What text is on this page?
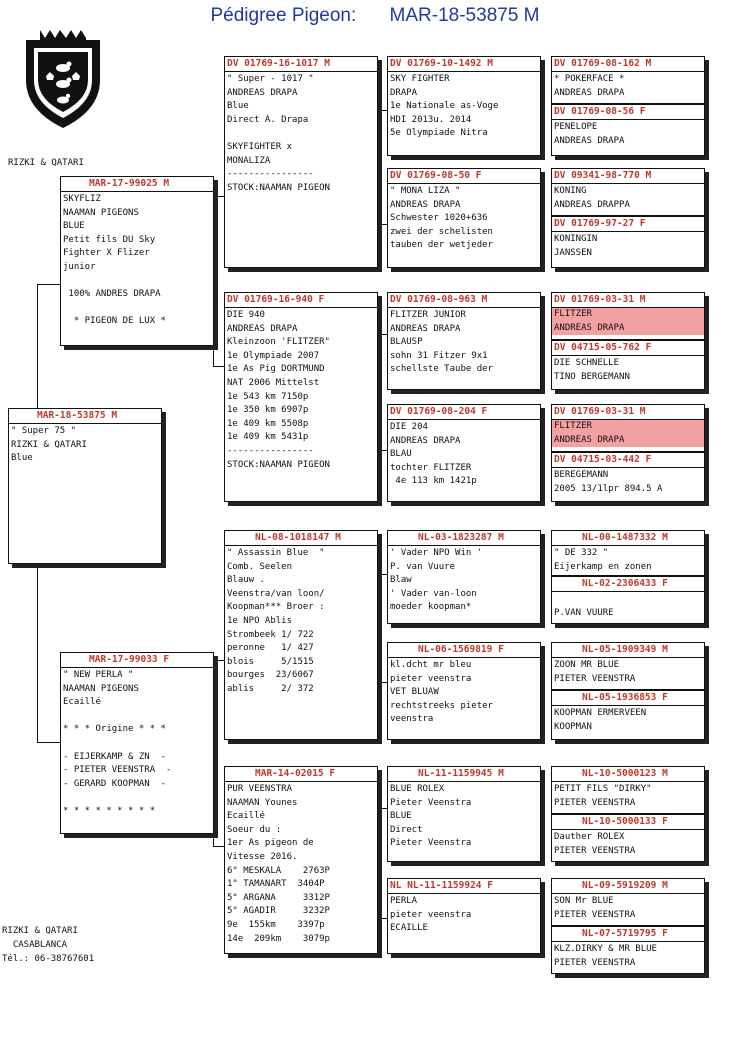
Pédigree Pigeon: MAR-18-53875 M
RIZKI & QATARI
RIZKI & QATARI
CASABLANCA
Tél.: 06-38767601
MAR-18-53875 M
" Super 75 "
RIZKI & QATARI
Blue
MAR-17-99025 M
SKYFLIZ
NAAMAN PIGEONS
BLUE
Petit fils DU Sky
Fighter X Flizer
junior

100% ANDRES DRAPA

* PIGEON DE LUX *
MAR-17-99033 F
" NEW PERLA "
NAAMAN PIGEONS
Ecaillé

* * * Origine * * *

- EIJERKAMP & ZN  -
- PIETER VEENSTRA  -
- GERARD KOOPMAN  -

* * * * * * * * *
DV 01769-16-1017 M
" Super - 1017 "
ANDREAS DRAPA
Blue
Direct A. Drapa

SKYFIGHTER x
MONALIZA
----------------
STOCK:NAAMAN PIGEON
DV 01769-16-940 F
DIE 940
ANDREAS DRAPA
Kleinzoon 'FLITZER"
1e Olympiade 2007
1e As Pig DORTMUND
NAT 2006 Mittelst
1e 543 km 7150p
1e 350 km 6907p
1e 409 km 5508p
1e 409 km 5431p
----------------
STOCK:NAAMAN PIGEON
NL-08-1018147 M
" Assassin Blue  "
Comb. Seelen
Blauw .
Veenstra/van loon/
Koopman*** Broer :
1e NPO Ablis
Strombeek 1/ 722
peronne   1/ 427
blois     5/1515
bourges  23/6067
ablis     2/ 372
MAR-14-02015 F
PUR VEENSTRA
NAAMAN Younes
Ecaillé
Soeur du :
1er As pigeon de
Vitesse 2016.
6° MESKALA    2763P
1° TAMANART  3404P
5° ARGANA     3312P
5° AGADIR     3232P
9e  155km    3397p
14e  209km    3079p
DV 01769-10-1492 M
SKY FIGHTER
DRAPA
1e Nationale as-Voge
HDI 2013u. 2014
5e Olympiade Nitra
DV 01769-08-50 F
" MONA LIZA "
ANDREAS DRAPA
Schwester 1020+636
zwei der schelisten
tauben der wetjeder
DV 01769-08-963 M
FLITZER JUNIOR
ANDREAS DRAPA
BLAUSP
sohn 31 Fitzer 9x1
schellste Taube der
DV 01769-08-204 F
DIE 204
ANDREAS DRAPA
BLAU
tochter FLITZER
4e 113 km 1421p
NL-03-1823287 M
' Vader NPO Win '
P. van Vuure
Blaw
' Vader van-loon
moeder koopman*
NL-06-1569819 F
kl.dcht mr bleu
pieter veenstra
VET BLUAW
rechtstreeks pieter
veenstra
NL-11-1159945 M
BLUE ROLEX
Pieter Veenstra
BLUE
Direct
Pieter Veenstra
NL NL-11-1159924 F
PERLA
pieter veenstra
ECAILLE
DV 01769-08-162 M
* POKERFACE *
ANDREAS DRAPA
DV 01769-08-56 F
PENELOPE
ANDREAS DRAPA
DV 09341-98-770 M
KONING
ANDREAS DRAPPA
DV 01769-97-27 F
KONINGIN
JANSSEN
DV 01769-03-31 M
FLITZER
ANDREAS DRAPA
DV 04715-05-762 F
DIE SCHNELLE
TINO BERGEMANN
DV 01769-03-31 M
FLITZER
ANDREAS DRAPA
DV 04715-03-442 F
BEREGEMANN
2005 13/1lpr 894.5 A
NL-00-1487332 M
" DE 332 "
Eijerkamp en zonen
NL-02-2306433 F

P.VAN VUURE
NL-05-1909349 M
ZOON MR BLUE
PIETER VEENSTRA
NL-05-1936853 F
KOOPMAN ERMERVEEN
KOOPMAN
NL-10-5000123 M
PETIT FILS "DIRKY"
PIETER VEENSTRA
NL-10-5000133 F
Dauther ROLEX
PIETER VEENSTRA
NL-09-5919209 M
SON Mr BLUE
PIETER VEENSTRA
NL-07-5719795 F
KLZ.DIRKY & MR BLUE
PIETER VEENSTRA
